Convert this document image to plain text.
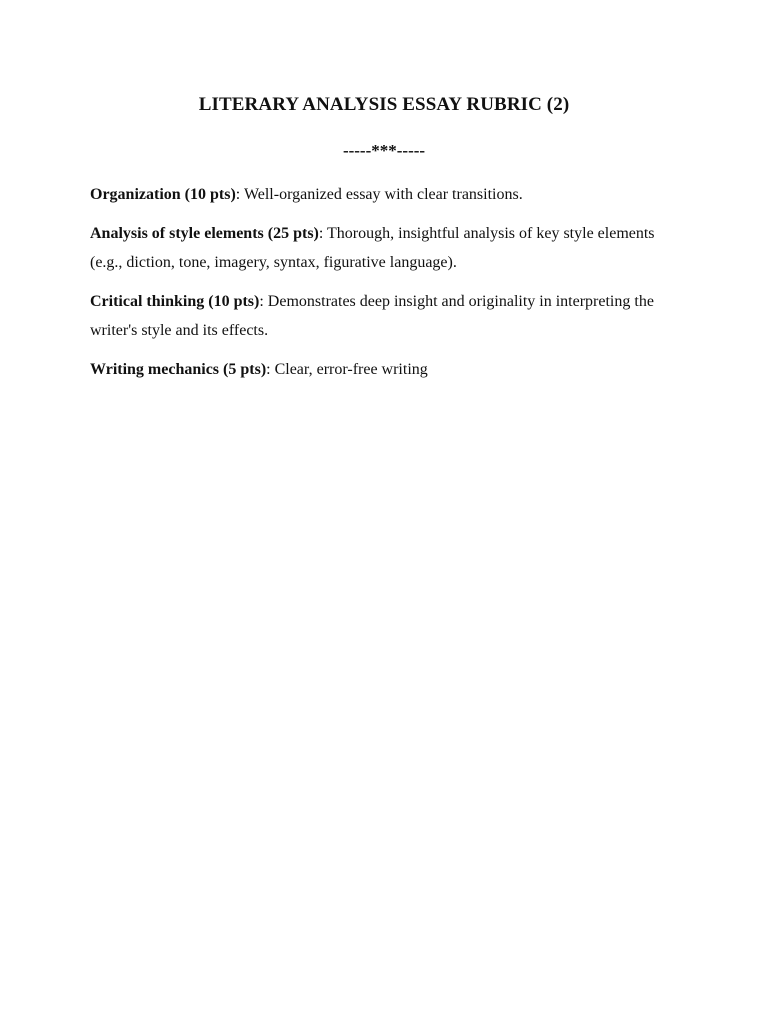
LITERARY ANALYSIS ESSAY RUBRIC (2)
-----***-----

Organization (10 pts): Well-organized essay with clear transitions.

Analysis of style elements (25 pts): Thorough, insightful analysis of key style elements (e.g., diction, tone, imagery, syntax, figurative language).

Critical thinking (10 pts): Demonstrates deep insight and originality in interpreting the writer's style and its effects.

Writing mechanics (5 pts): Clear, error-free writing
